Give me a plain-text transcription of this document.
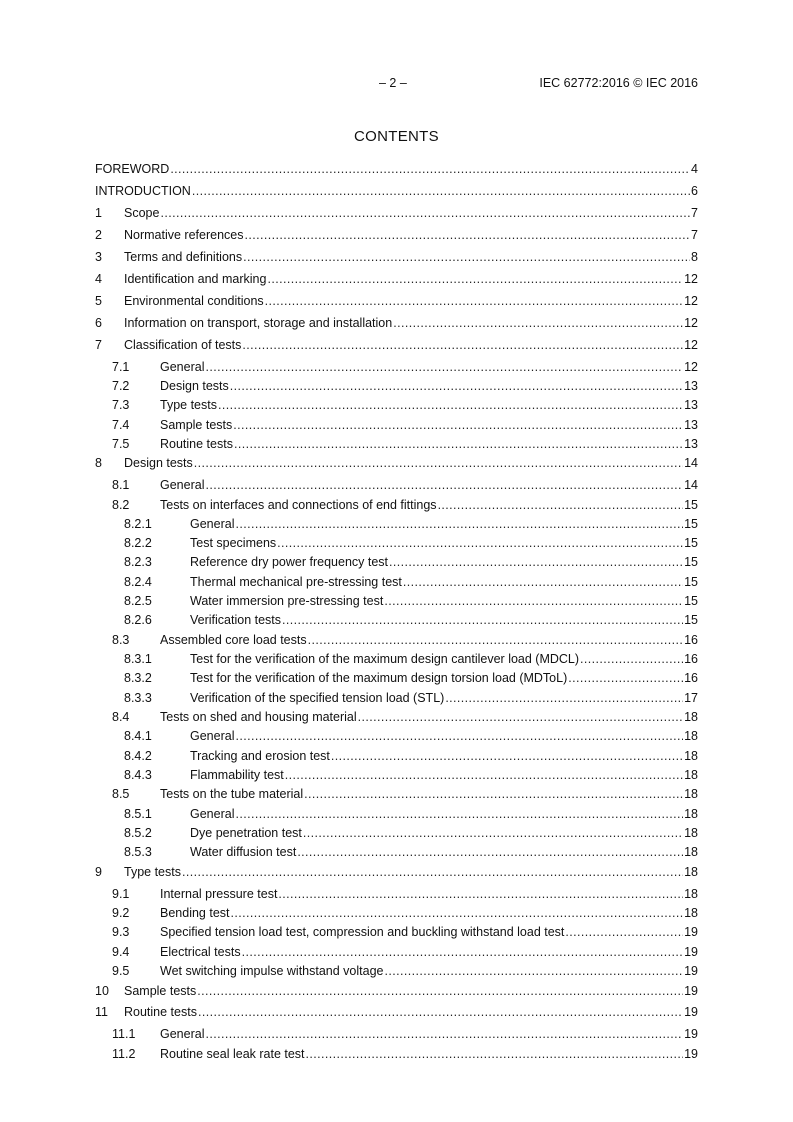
– 2 –	IEC 62772:2016 © IEC 2016
CONTENTS
FOREWORD .....	4
INTRODUCTION .....	6
1	Scope .....	7
2	Normative references .....	7
3	Terms and definitions .....	8
4	Identification and marking .....	12
5	Environmental conditions .....	12
6	Information on transport, storage and installation .....	12
7	Classification of tests .....	12
7.1	General .....	12
7.2	Design tests .....	13
7.3	Type tests .....	13
7.4	Sample tests .....	13
7.5	Routine tests .....	13
8	Design tests .....	14
8.1	General .....	14
8.2	Tests on interfaces and connections of end fittings .....	15
8.2.1	General .....	15
8.2.2	Test specimens .....	15
8.2.3	Reference dry power frequency test .....	15
8.2.4	Thermal mechanical pre-stressing test .....	15
8.2.5	Water immersion pre-stressing test .....	15
8.2.6	Verification tests .....	15
8.3	Assembled core load tests .....	16
8.3.1	Test for the verification of the maximum design cantilever load (MDCL) .....	16
8.3.2	Test for the verification of the maximum design torsion load (MDToL) .....	16
8.3.3	Verification of the specified tension load (STL) .....	17
8.4	Tests on shed and housing material .....	18
8.4.1	General .....	18
8.4.2	Tracking and erosion test .....	18
8.4.3	Flammability test .....	18
8.5	Tests on the tube material .....	18
8.5.1	General .....	18
8.5.2	Dye penetration test .....	18
8.5.3	Water diffusion test .....	18
9	Type tests .....	18
9.1	Internal pressure test .....	18
9.2	Bending test .....	18
9.3	Specified tension load test, compression and buckling withstand load test .....	19
9.4	Electrical tests .....	19
9.5	Wet switching impulse withstand voltage .....	19
10	Sample tests .....	19
11	Routine tests .....	19
11.1	General .....	19
11.2	Routine seal leak rate test .....	19
